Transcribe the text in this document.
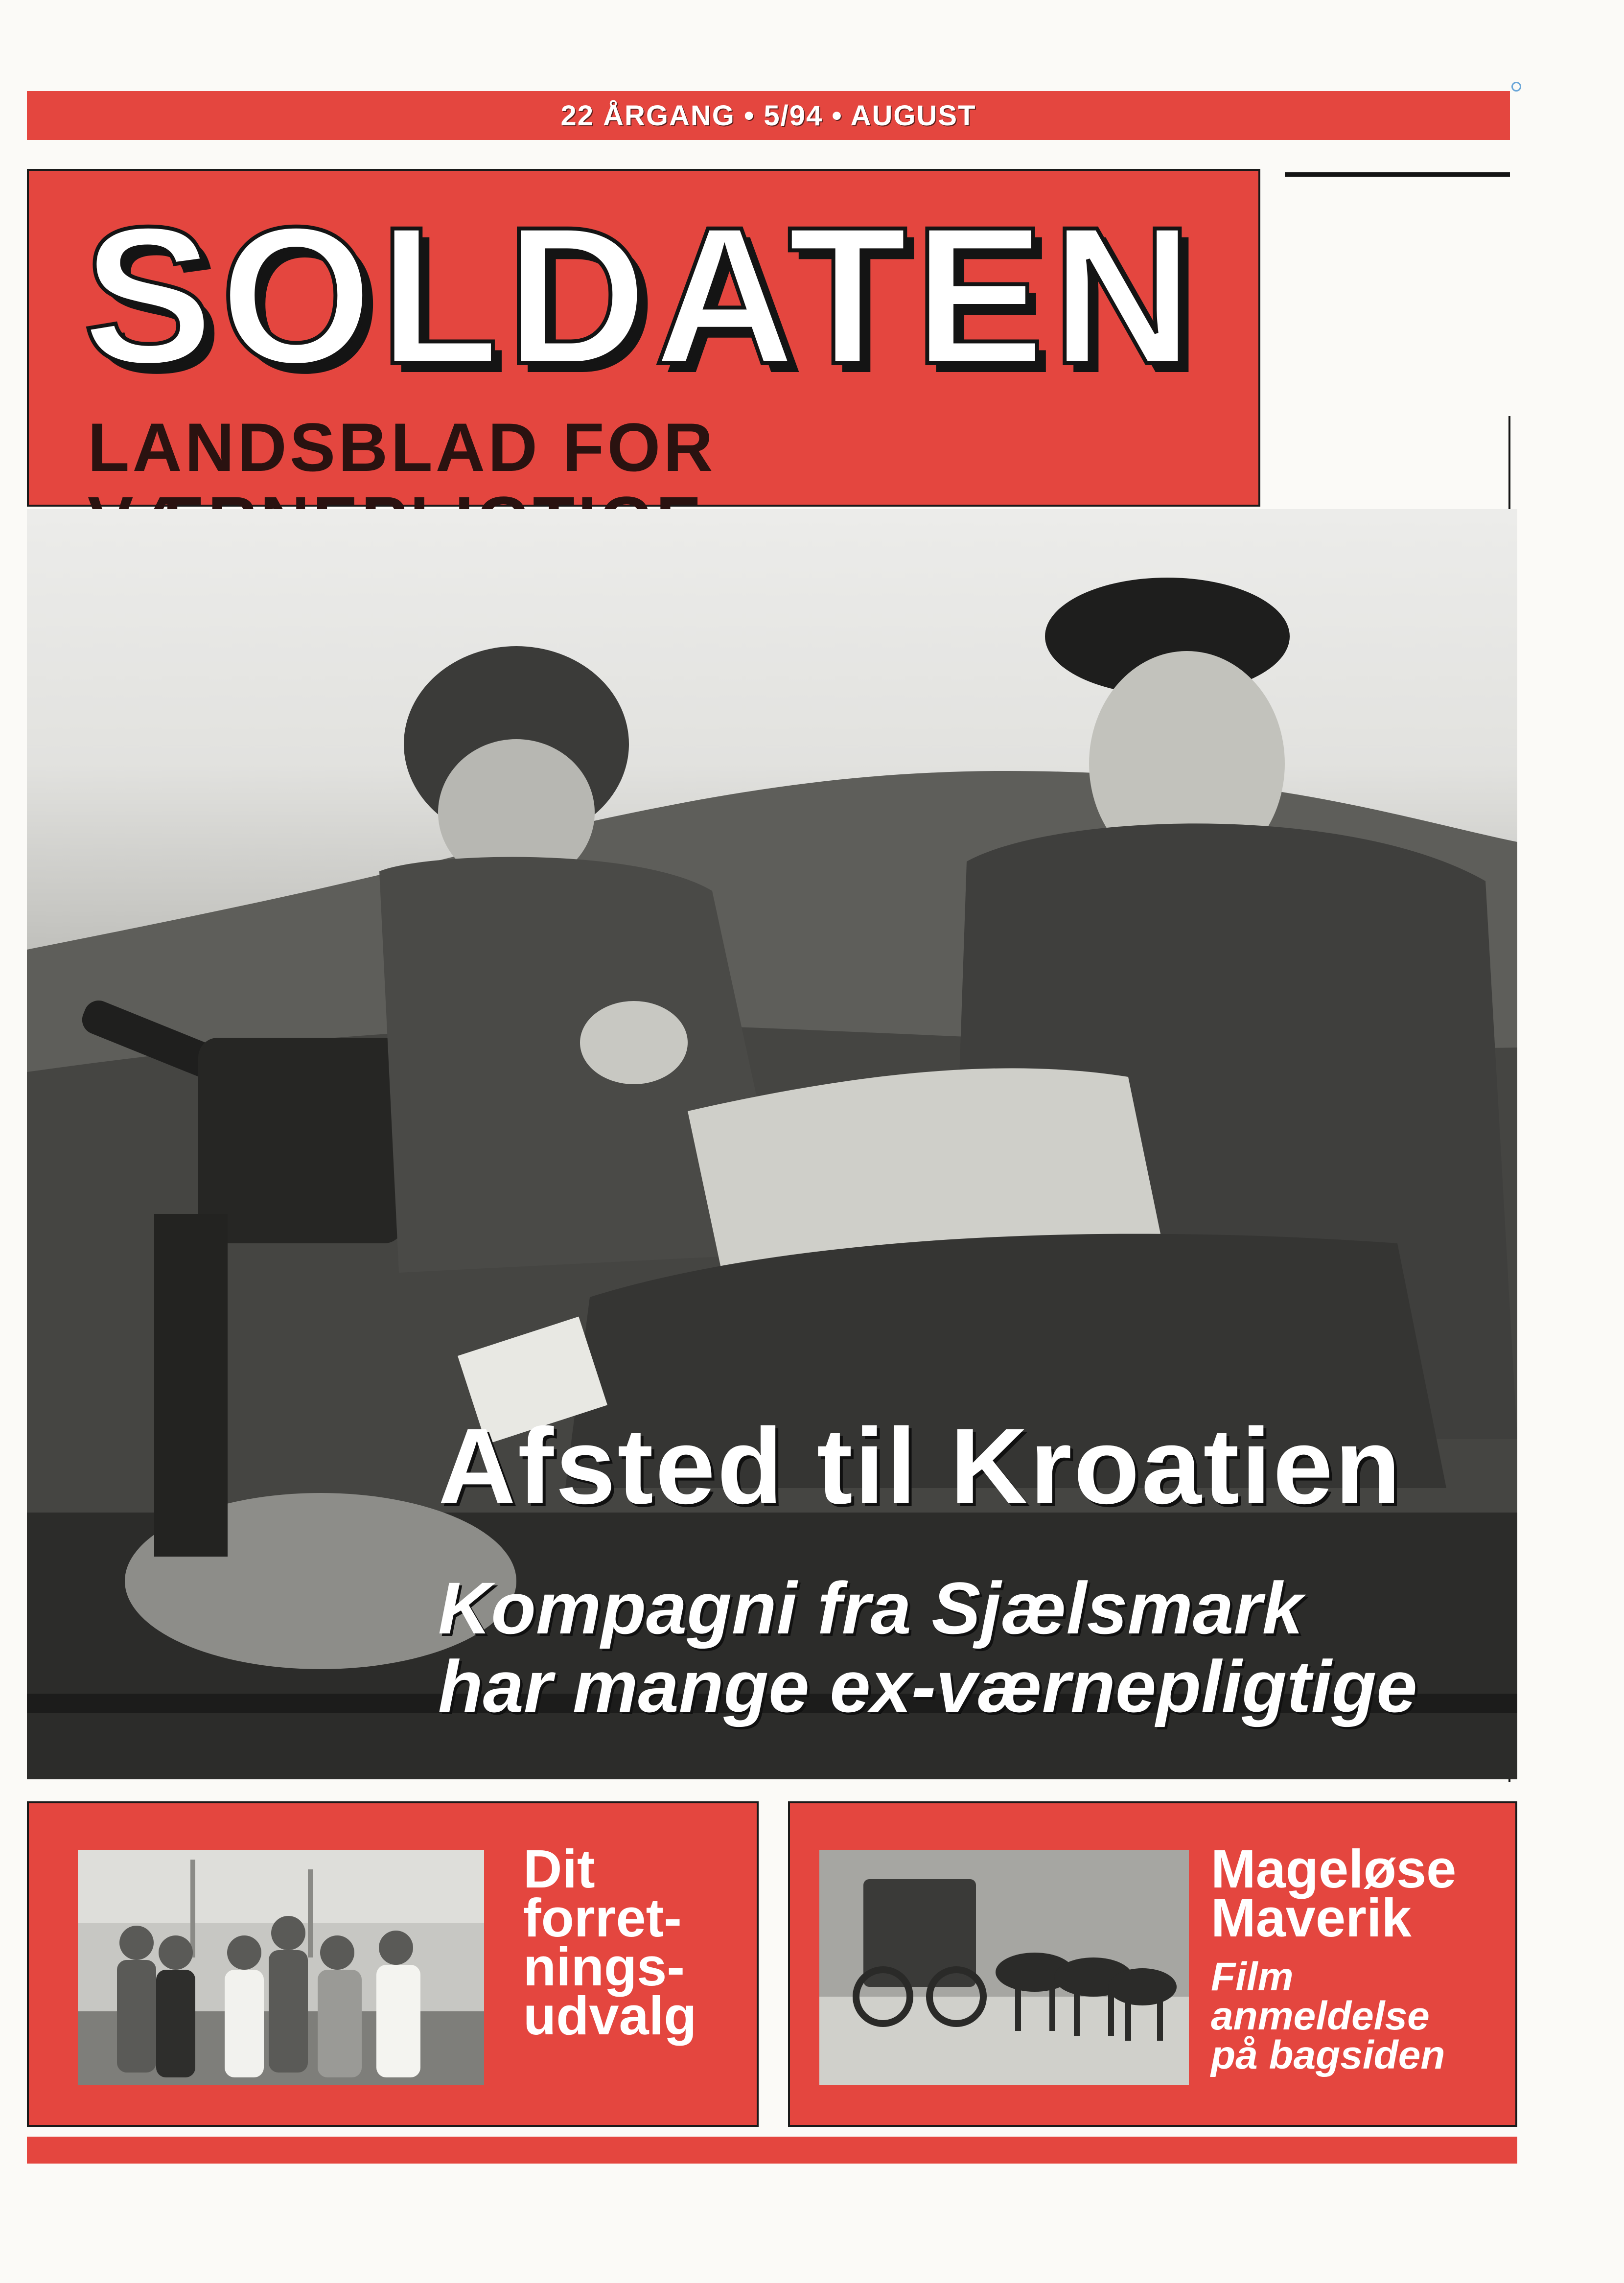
22 ÅRGANG • 5/94 • AUGUST
SOLDATEN
LANDSBLAD FOR
Afsted til Kroatien
Kompagni fra Sjælsmark
har mange ex-værnepligtige
Dit
forret-
nings-
udvalg
Mageløse
Maverik
Film
anmeldelse
på bagsiden
